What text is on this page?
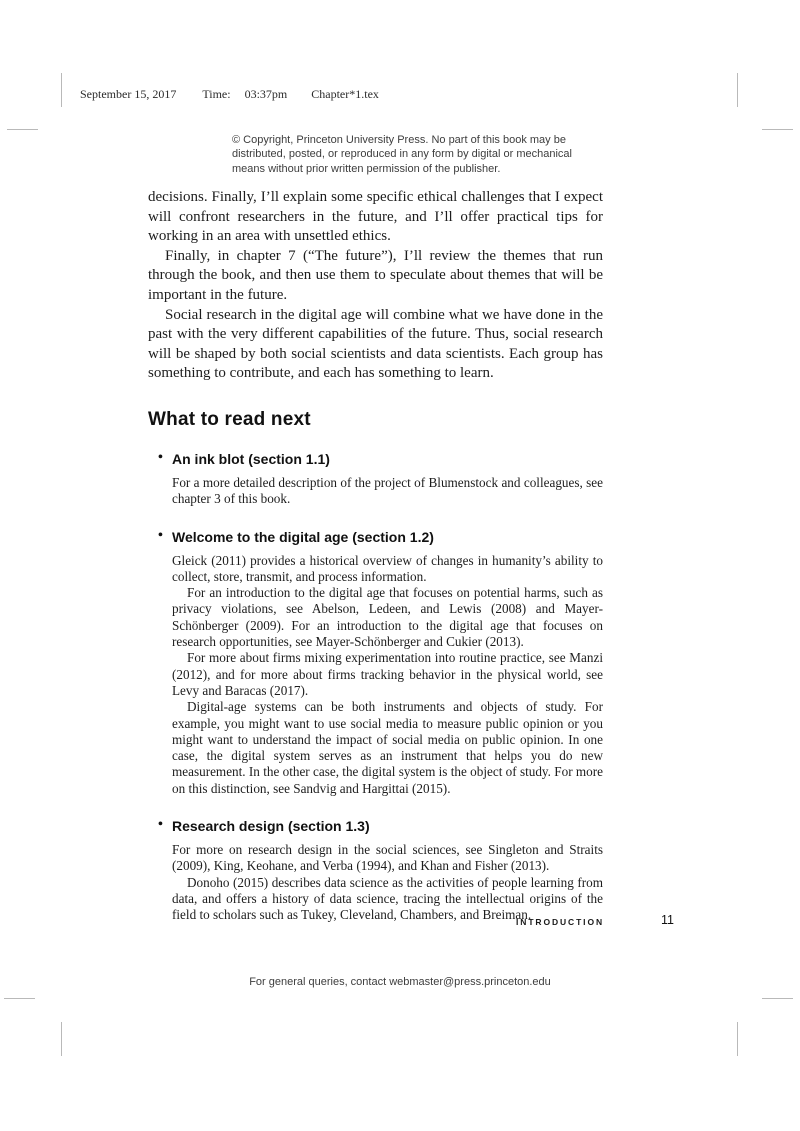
September 15, 2017 Time: 03:37pm Chapter*1.tex
© Copyright, Princeton University Press. No part of this book may be
distributed, posted, or reproduced in any form by digital or mechanical
means without prior written permission of the publisher.

decisions. Finally, I’ll explain some specific ethical challenges that I expect will confront researchers in the future, and I’ll offer practical tips for working in an area with unsettled ethics.

Finally, in chapter 7 (“The future”), I’ll review the themes that run through the book, and then use them to speculate about themes that will be important in the future.

Social research in the digital age will combine what we have done in the past with the very different capabilities of the future. Thus, social research will be shaped by both social scientists and data scientists. Each group has something to contribute, and each has something to learn.

What to read next

• An ink blot (section 1.1)

For a more detailed description of the project of Blumenstock and colleagues, see chapter 3 of this book.

• Welcome to the digital age (section 1.2)

Gleick (2011) provides a historical overview of changes in humanity’s ability to collect, store, transmit, and process information.

For an introduction to the digital age that focuses on potential harms, such as privacy violations, see Abelson, Ledeen, and Lewis (2008) and Mayer-Schönberger (2009). For an introduction to the digital age that focuses on research opportunities, see Mayer-Schönberger and Cukier (2013).

For more about firms mixing experimentation into routine practice, see Manzi (2012), and for more about firms tracking behavior in the physical world, see Levy and Baracas (2017).

Digital-age systems can be both instruments and objects of study. For example, you might want to use social media to measure public opinion or you might want to understand the impact of social media on public opinion. In one case, the digital system serves as an instrument that helps you do new measurement. In the other case, the digital system is the object of study. For more on this distinction, see Sandvig and Hargittai (2015).

• Research design (section 1.3)

For more on research design in the social sciences, see Singleton and Straits (2009), King, Keohane, and Verba (1994), and Khan and Fisher (2013).

Donoho (2015) describes data science as the activities of people learning from data, and offers a history of data science, tracing the intellectual origins of the field to scholars such as Tukey, Cleveland, Chambers, and Breiman.

INTRODUCTION	11
For general queries, contact webmaster@press.princeton.edu
